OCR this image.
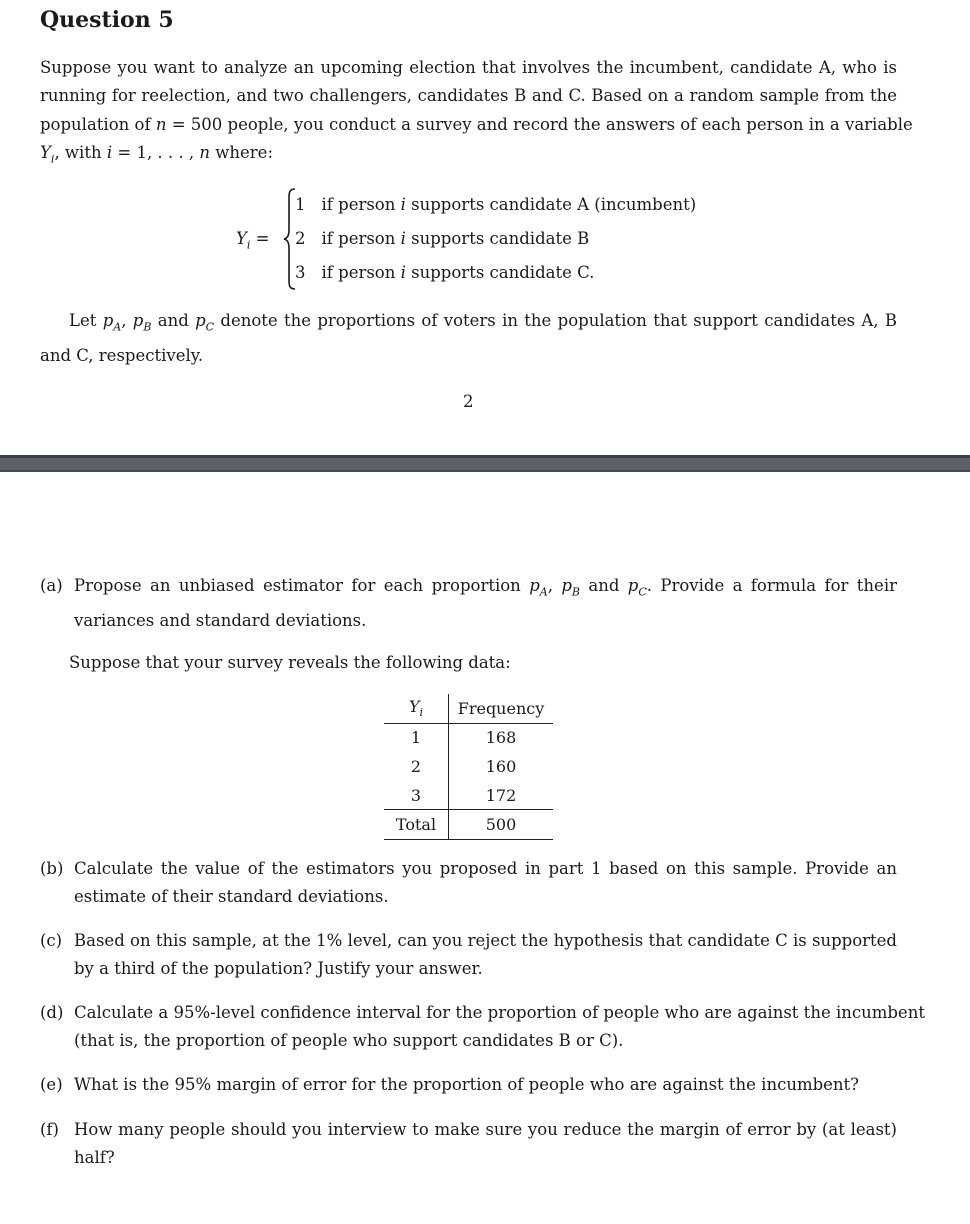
Question 5
Suppose you want to analyze an upcoming election that involves the incumbent, candidate A, who is
running for reelection, and two challengers, candidates B and C. Based on a random sample from the
population of n = 500 people, you conduct a survey and record the answers of each person in a variable
$Y_i$, with i = 1, . . . , n where:
$Y_i$ =
1 if person i supports candidate A (incumbent)
2 if person i supports candidate B
3 if person i supports candidate C.
Let $p_A$, $p_B$ and $p_C$ denote the proportions of voters in the population that support candidates A, B
and C, respectively.
2
(a) Propose an unbiased estimator for each proportion $p_A$, $p_B$ and $p_C$. Provide a formula for their
variances and standard deviations.
Suppose that your survey reveals the following data:
$Y_i$	Frequency
1	168
2	160
3	172
Total	500
(b) Calculate the value of the estimators you proposed in part 1 based on this sample. Provide an
estimate of their standard deviations.
(c) Based on this sample, at the 1% level, can you reject the hypothesis that candidate C is supported
by a third of the population? Justify your answer.
(d) Calculate a 95%-level confidence interval for the proportion of people who are against the incumbent
(that is, the proportion of people who support candidates B or C).
(e) What is the 95% margin of error for the proportion of people who are against the incumbent?
(f) How many people should you interview to make sure you reduce the margin of error by (at least)
half?
